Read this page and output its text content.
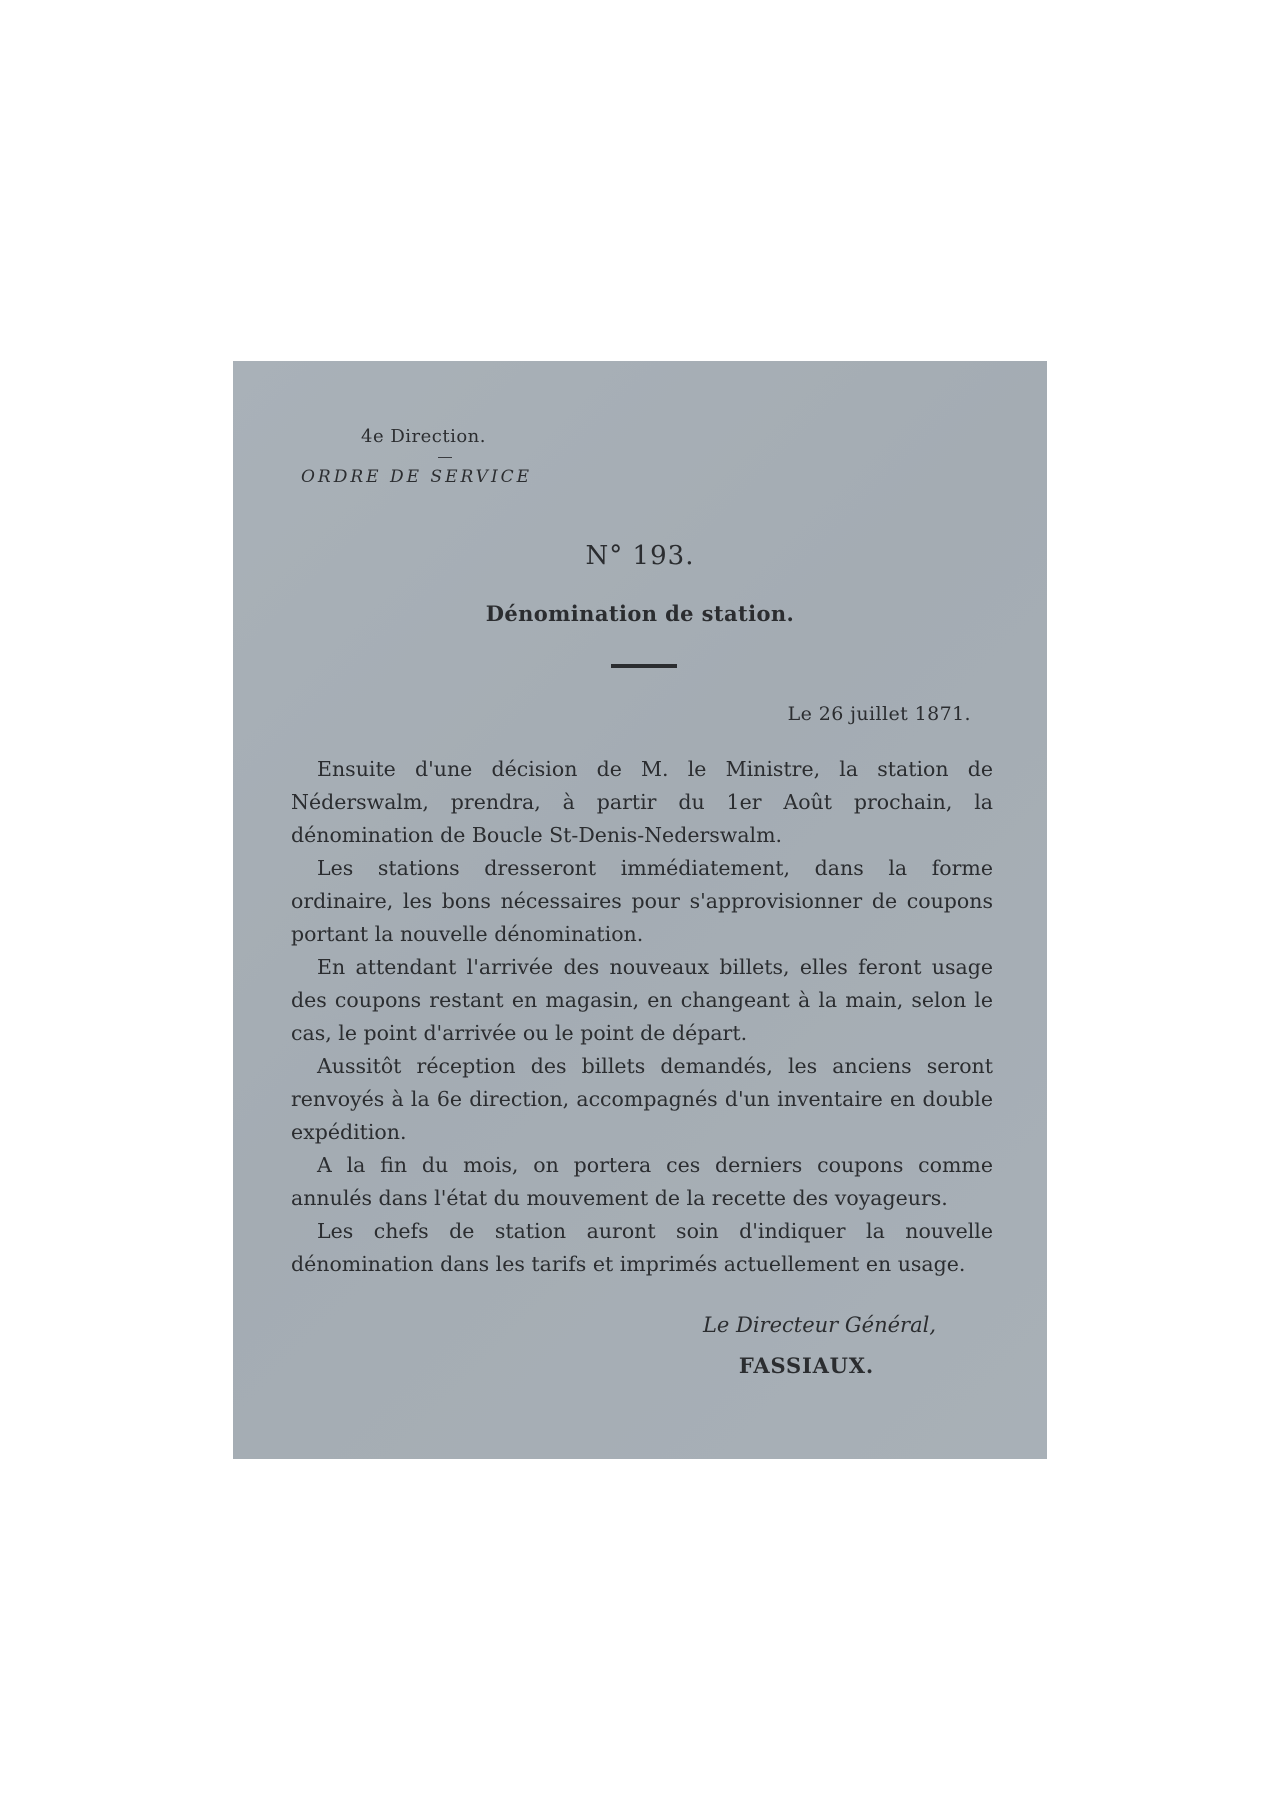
4e Direction.
ORDRE DE SERVICE
N° 193.
Dénomination de station.
Le 26 juillet 1871.

Ensuite d'une décision de M. le Ministre, la station de Néderswalm, prendra, à partir du 1er Août prochain, la dénomination de Boucle St-Denis-Nederswalm.

Les stations dresseront immédiatement, dans la forme ordinaire, les bons nécessaires pour s'approvisionner de coupons portant la nouvelle dénomination.

En attendant l'arrivée des nouveaux billets, elles feront usage des coupons restant en magasin, en changeant à la main, selon le cas, le point d'arrivée ou le point de départ.

Aussitôt réception des billets demandés, les anciens seront renvoyés à la 6e direction, accompagnés d'un inventaire en double expédition.

A la fin du mois, on portera ces derniers coupons comme annulés dans l'état du mouvement de la recette des voyageurs.

Les chefs de station auront soin d'indiquer la nouvelle dénomination dans les tarifs et imprimés actuellement en usage.

Le Directeur Général,
FASSIAUX.
